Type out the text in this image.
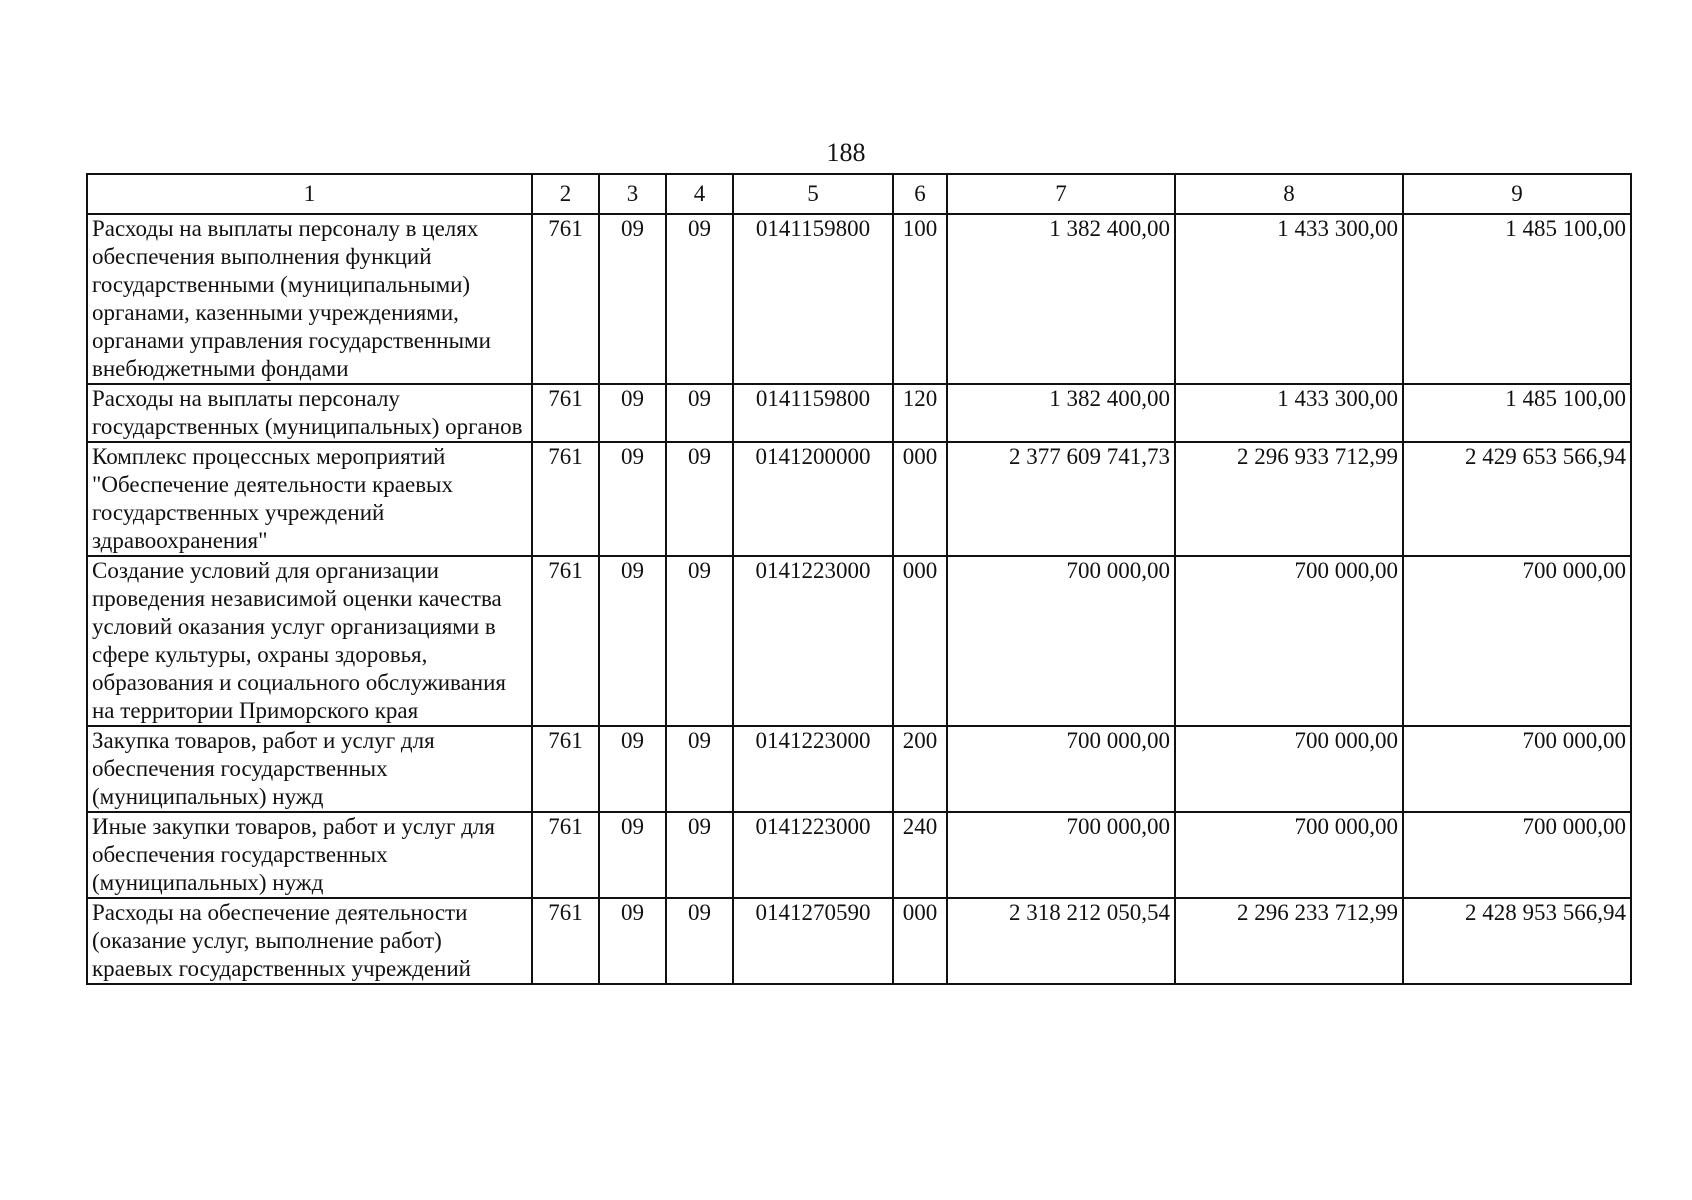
188
1	2	3	4	5	6	7	8	9
Расходы на выплаты персоналу в целях обеспечения выполнения функций государственными (муниципальными) органами, казенными учреждениями, органами управления государственными внебюджетными фондами	761	09	09	0141159800	100	1 382 400,00	1 433 300,00	1 485 100,00
Расходы на выплаты персоналу государственных (муниципальных) органов	761	09	09	0141159800	120	1 382 400,00	1 433 300,00	1 485 100,00
Комплекс процессных мероприятий "Обеспечение деятельности краевых государственных учреждений здравоохранения"	761	09	09	0141200000	000	2 377 609 741,73	2 296 933 712,99	2 429 653 566,94
Создание условий для организации проведения независимой оценки качества условий оказания услуг организациями в сфере культуры, охраны здоровья, образования и социального обслуживания на территории Приморского края	761	09	09	0141223000	000	700 000,00	700 000,00	700 000,00
Закупка товаров, работ и услуг для обеспечения государственных (муниципальных) нужд	761	09	09	0141223000	200	700 000,00	700 000,00	700 000,00
Иные закупки товаров, работ и услуг для обеспечения государственных (муниципальных) нужд	761	09	09	0141223000	240	700 000,00	700 000,00	700 000,00
Расходы на обеспечение деятельности (оказание услуг, выполнение работ) краевых государственных учреждений	761	09	09	0141270590	000	2 318 212 050,54	2 296 233 712,99	2 428 953 566,94
